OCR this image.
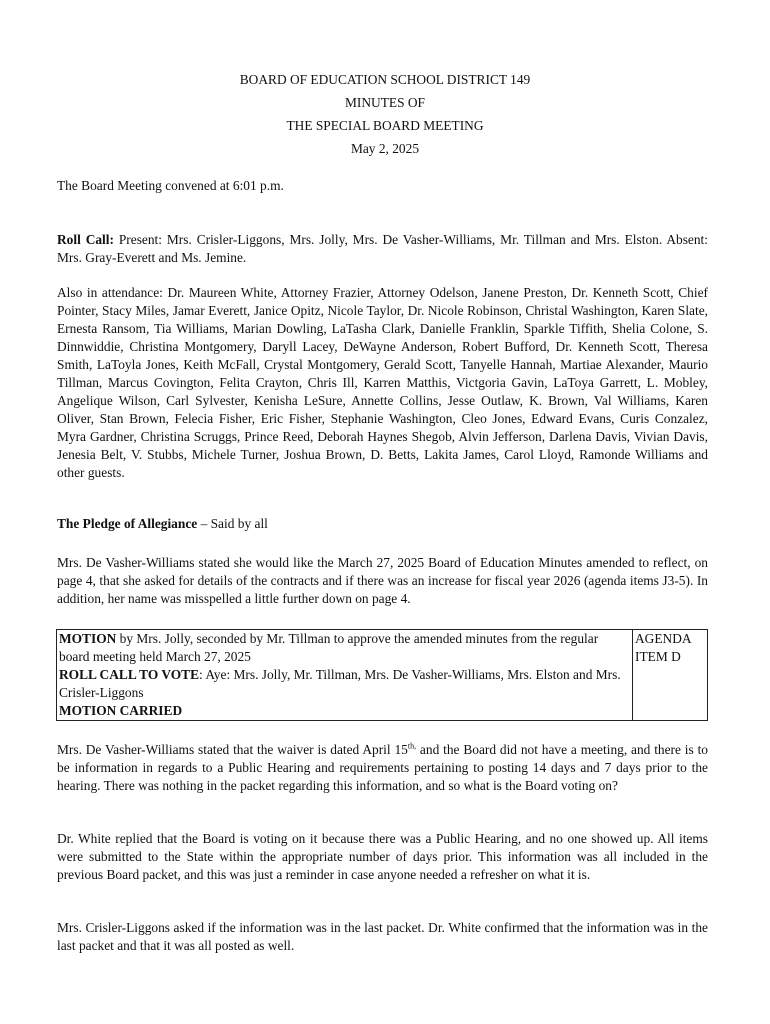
BOARD OF EDUCATION SCHOOL DISTRICT 149
MINUTES OF
THE SPECIAL BOARD MEETING
May 2, 2025

The Board Meeting convened at 6:01 p.m.

Roll Call: Present: Mrs. Crisler-Liggons, Mrs. Jolly, Mrs. De Vasher-Williams, Mr. Tillman and Mrs. Elston. Absent: Mrs. Gray-Everett and Ms. Jemine.

Also in attendance: Dr. Maureen White, Attorney Frazier, Attorney Odelson, Janene Preston, Dr. Kenneth Scott, Chief Pointer, Stacy Miles, Jamar Everett, Janice Opitz, Nicole Taylor, Dr. Nicole Robinson, Christal Washington, Karen Slate, Ernesta Ransom, Tia Williams, Marian Dowling, LaTasha Clark, Danielle Franklin, Sparkle Tiffith, Shelia Colone, S. Dinnwiddie, Christina Montgomery, Daryll Lacey, DeWayne Anderson, Robert Bufford, Dr. Kenneth Scott, Theresa Smith, LaToyla Jones, Keith McFall, Crystal Montgomery, Gerald Scott, Tanyelle Hannah, Martiae Alexander, Maurio Tillman, Marcus Covington, Felita Crayton, Chris Ill, Karren Matthis, Victgoria Gavin, LaToya Garrett, L. Mobley, Angelique Wilson, Carl Sylvester, Kenisha LeSure, Annette Collins, Jesse Outlaw, K. Brown, Val Williams, Karen Oliver, Stan Brown, Felecia Fisher, Eric Fisher, Stephanie Washington, Cleo Jones, Edward Evans, Curis Conzalez, Myra Gardner, Christina Scruggs, Prince Reed, Deborah Haynes Shegob, Alvin Jefferson, Darlena Davis, Vivian Davis, Jenesia Belt, V. Stubbs, Michele Turner, Joshua Brown, D. Betts, Lakita James, Carol Lloyd, Ramonde Williams and other guests.

The Pledge of Allegiance – Said by all

Mrs. De Vasher-Williams stated she would like the March 27, 2025 Board of Education Minutes amended to reflect, on page 4, that she asked for details of the contracts and if there was an increase for fiscal year 2026 (agenda items J3-5). In addition, her name was misspelled a little further down on page 4.

MOTION by Mrs. Jolly, seconded by Mr. Tillman to approve the amended minutes from the regular board meeting held March 27, 2025
ROLL CALL TO VOTE: Aye: Mrs. Jolly, Mr. Tillman, Mrs. De Vasher-Williams, Mrs. Elston and Mrs. Crisler-Liggons
MOTION CARRIED	AGENDA
ITEM D

Mrs. De Vasher-Williams stated that the waiver is dated April $15^{th,}$ and the Board did not have a meeting, and there is to be information in regards to a Public Hearing and requirements pertaining to posting 14 days and 7 days prior to the hearing. There was nothing in the packet regarding this information, and so what is the Board voting on?

Dr. White replied that the Board is voting on it because there was a Public Hearing, and no one showed up. All items were submitted to the State within the appropriate number of days prior. This information was all included in the previous Board packet, and this was just a reminder in case anyone needed a refresher on what it is.

Mrs. Crisler-Liggons asked if the information was in the last packet. Dr. White confirmed that the information was in the last packet and that it was all posted as well.
